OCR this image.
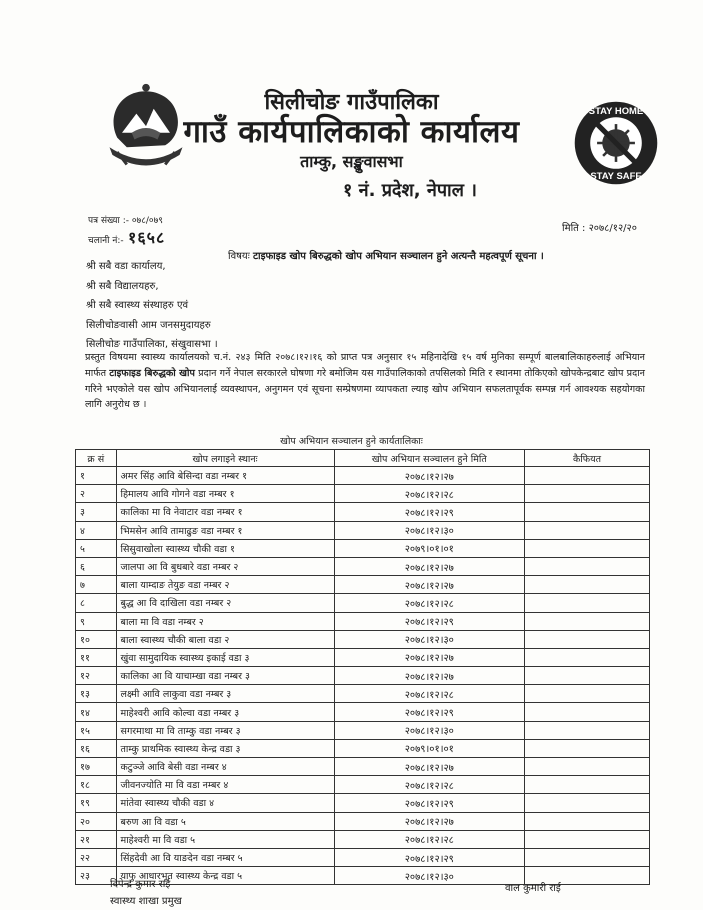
सिलीचोङ गाउँपालिका
गाउँ कार्यपालिकाको कार्यालय
ताम्कु, सङ्खुवासभा
१ नं. प्रदेश, नेपाल ।
STAY HOME
STAY SAFE
पत्र संख्या :- ०७८/०७९
चलानी नं:- १६५८	मिति : २०७८/१२/२०
विषयः टाइफाइड खोप बिरुद्धको खोप अभियान सञ्चालन हुने अत्यन्तै महत्वपूर्ण सूचना ।
श्री सबै वडा कार्यालय,
श्री सबै विद्यालयहरु,
श्री सबै स्वास्थ्य संस्थाहरु एवं
सिलीचोङवासी आम जनसमुदायहरु
सिलीचोङ गाउँपालिका, संखुवासभा ।
प्रस्तुत विषयमा स्वास्थ्य कार्यालयको च.नं. २४३ मिति २०७८।१२।१६ को प्राप्त पत्र अनुसार १५ महिनादेखि १५ वर्ष मुनिका सम्पूर्ण बालबालिकाहरुलाई अभियान मार्फत टाइफाइड बिरुद्धको खोप प्रदान गर्ने नेपाल सरकारले घोषणा गरे बमोजिम यस गाउँपालिकाको तपसिलको मिति र स्थानमा तोकिएको खोपकेन्द्रबाट खोप प्रदान गरिने भएकोले यस खोप अभियानलाई व्यवस्थापन, अनुगमन एवं सूचना सम्प्रेषणमा व्यापकता ल्याइ खोप अभियान सफलतापूर्वक सम्पन्न गर्न आवश्यक सहयोगका लागि अनुरोध छ ।
खोप अभियान सञ्चालन हुने कार्यतालिकाः
क्र सं	खोप लगाइने स्थानः	खोप अभियान सञ्चालन हुने मिति	कैफियत
१	अमर सिंह आवि बेसिन्दा वडा नम्बर १	२०७८।१२।२७	
२	हिमालय आवि गोगने वडा नम्बर १	२०७८।१२।२८	
३	कालिका मा वि नेवाटार वडा नम्बर १	२०७८।१२।२९	
४	भिमसेन आवि तामाढुङ वडा नम्बर १	२०७८।१२।३०	
५	सिसुवाखोला स्वास्थ्य चौकी वडा १	२०७९।०१।०१	
६	जालपा आ वि बुधबारे वडा नम्बर २	२०७८।१२।२७	
७	बाला याम्दाङ तेयुङ वडा नम्बर २	२०७८।१२।२७	
८	बुद्ध आ वि दाखिला वडा नम्बर २	२०७८।१२।२८	
९	बाला मा वि वडा नम्बर २	२०७८।१२।२९	
१०	बाला स्वास्थ्य चौकी बाला वडा २	२०७८।१२।३०	
११	खुंवा सामुदायिक स्वास्थ्य इकाई वडा ३	२०७८।१२।२७	
१२	कालिका आ वि याचाम्खा वडा नम्बर ३	२०७८।१२।२७	
१३	लक्ष्मी आवि लाकुवा वडा नम्बर ३	२०७८।१२।२८	
१४	माहेश्वरी आवि कोल्वा वडा नम्बर ३	२०७८।१२।२९	
१५	सगरमाथा मा वि ताम्कु वडा नम्बर ३	२०७८।१२।३०	
१६	ताम्कु प्राथमिक स्वास्थ्य केन्द्र वडा ३	२०७९।०१।०१	
१७	कटुञ्जे आवि बेसी वडा नम्बर ४	२०७८।१२।२७	
१८	जीवनज्योति मा वि वडा नम्बर ४	२०७८।१२।२८	
१९	मांतेवा स्वास्थ्य चौकी वडा ४	२०७८।१२।२९	
२०	बरुण आ वि वडा ५	२०७८।१२।२७	
२१	माहेश्वरी मा वि वडा ५	२०७८।१२।२८	
२२	सिंहदेवी आ वि याङदेन वडा नम्बर ५	२०७८।१२।२९	
२३	याफु आधारभूत स्वास्थ्य केन्द्र वडा ५	२०७८।१२।३०	
दिपेन्द्र कुमार राई
स्वास्थ्य शाखा प्रमुख
वाल कुमारी राई
